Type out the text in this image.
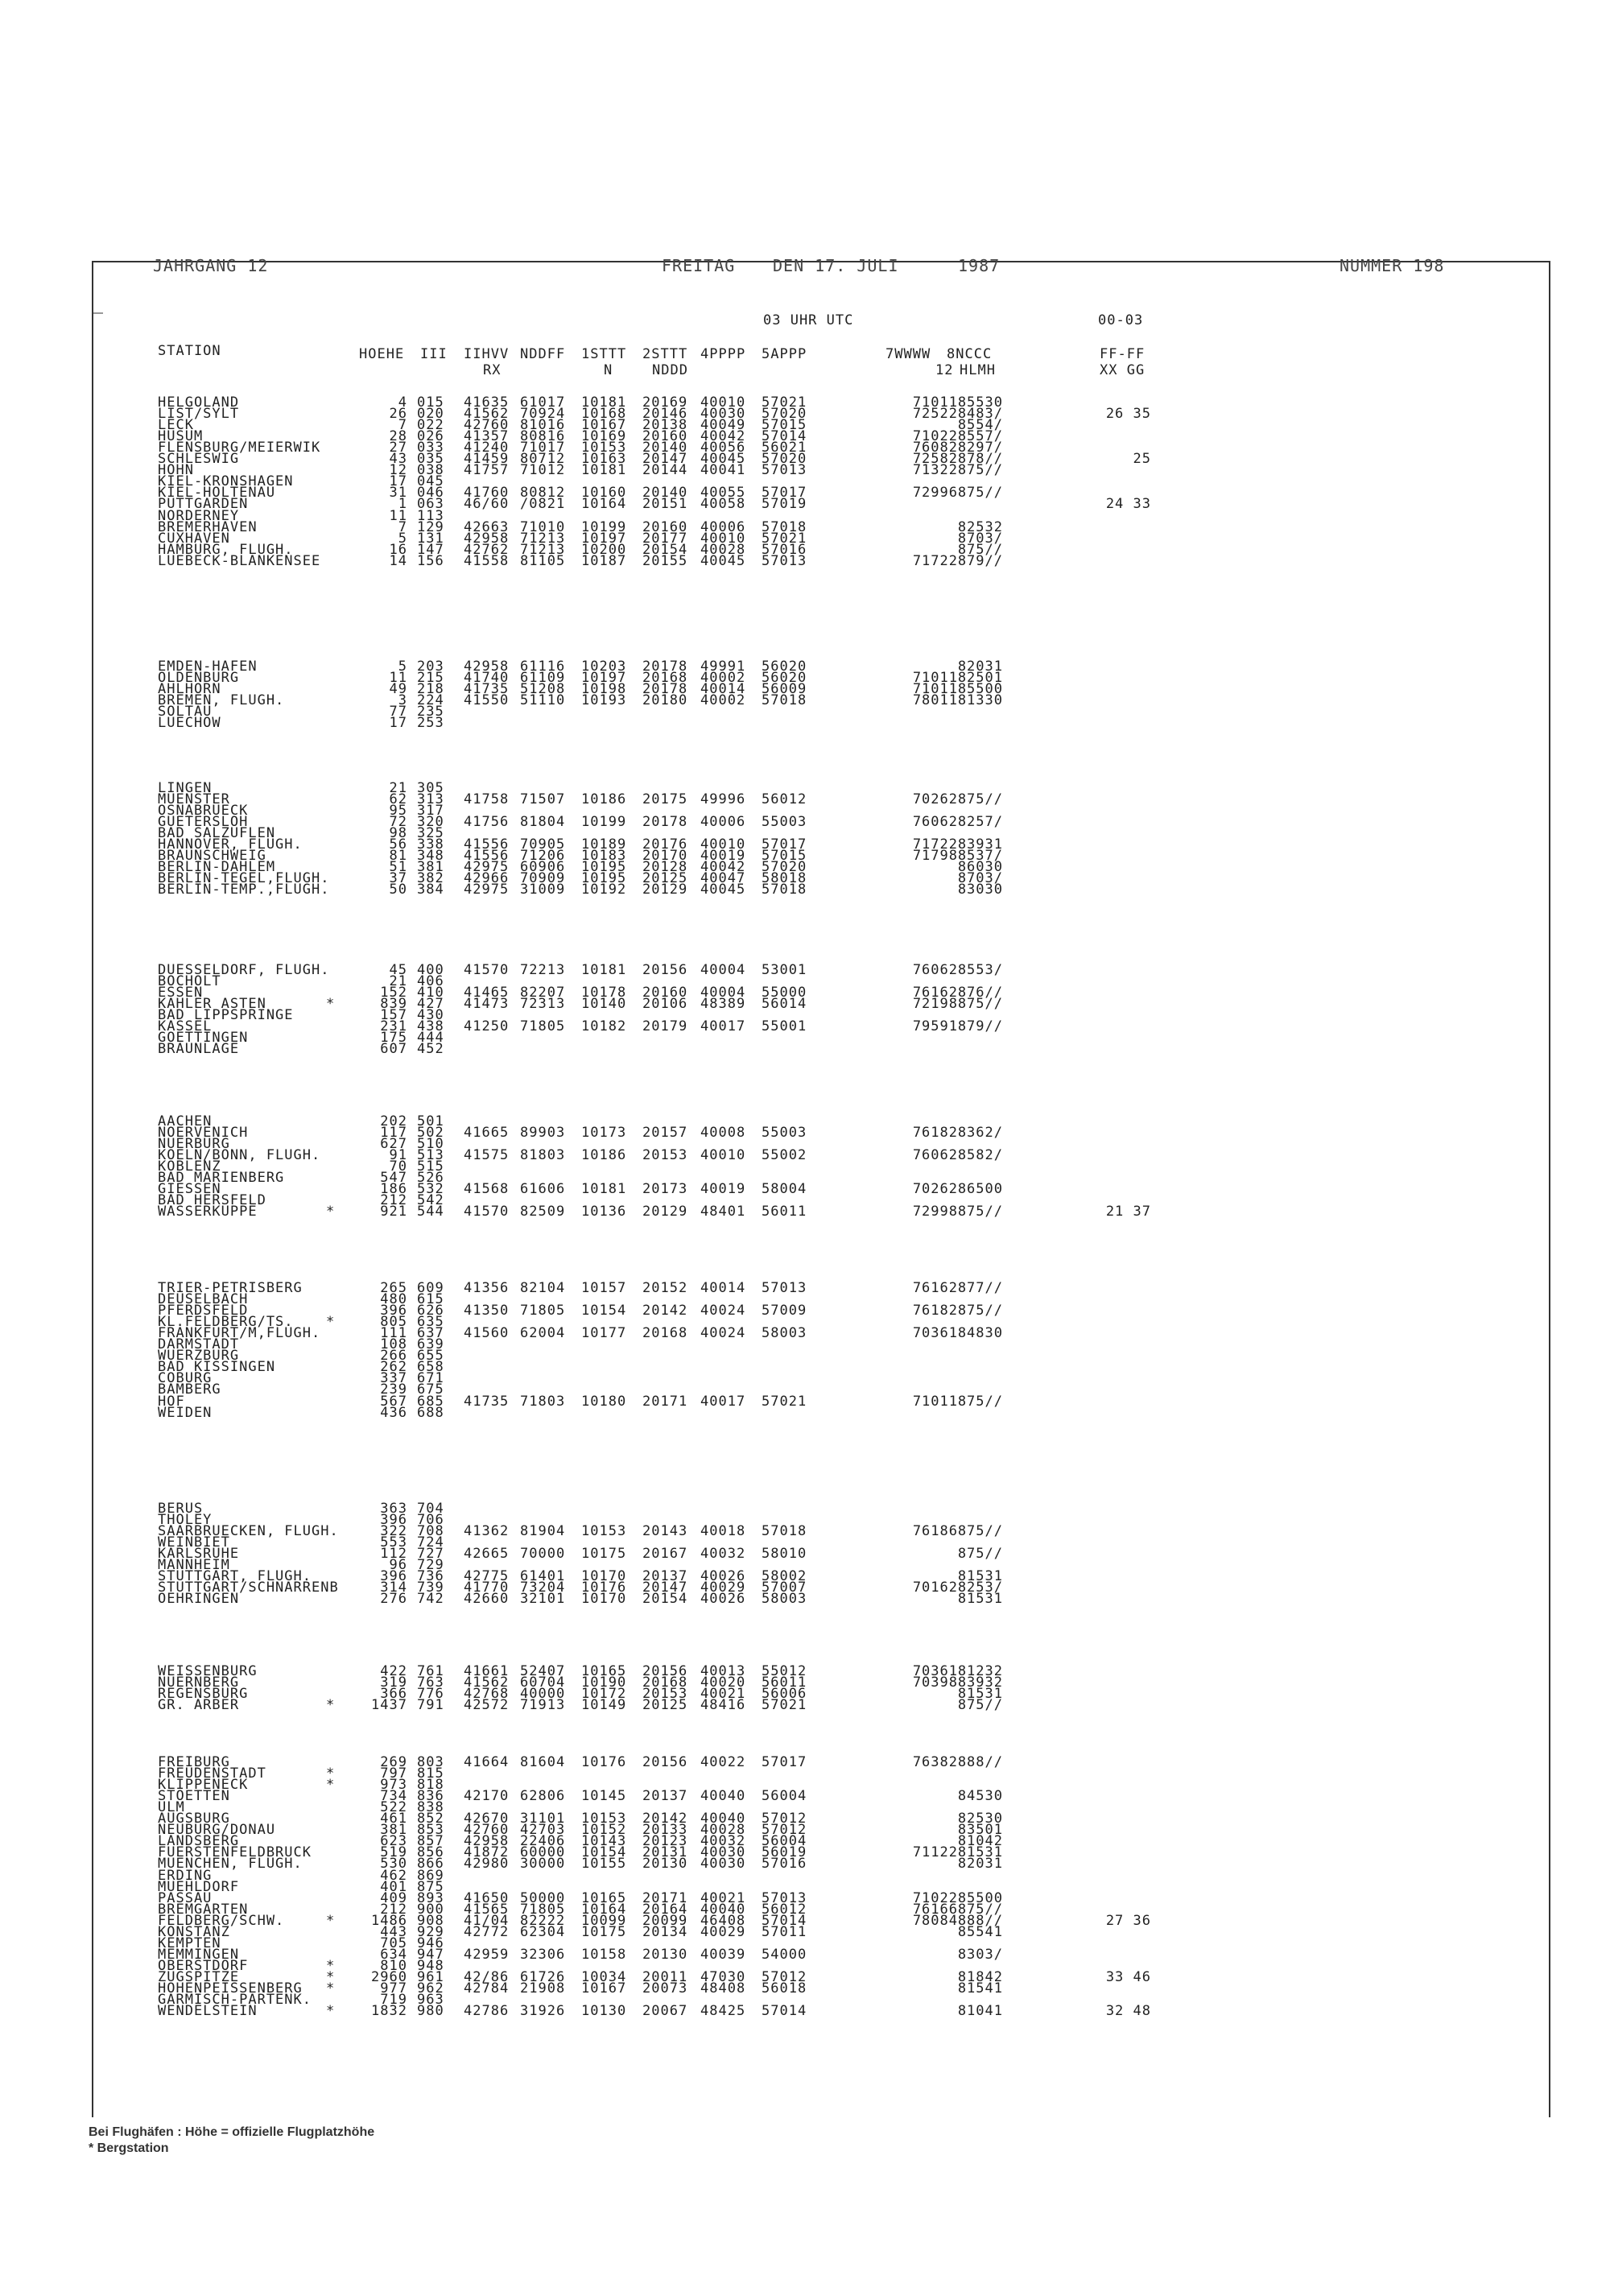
JAHRGANG 12	FREITAG DEN 17. JULI	1987	NUMMER 198
03 UHR UTC	00-03
STATION	HOEHE III IIHVV NDDFF 1STTT 2STTT 4PPPP 5APPP	7WWWW 8NCCC	FF-FF
RX	N	NDDD	12 HLMH	XX GG
HELGOLAND	4 015 41635 61017 10181 20169 40010 57021	71011 85530
LIST/SYLT	26 020 41562 70924 10168 20146 40030 57020	72522 8483/	26 35
LECK	7 022 42760 81016 10167 20138 40049 57015	8554/
HUSUM	28 026 41357 80816 10169 20160 40042 57014	71022 8557/
FLENSBURG/MEIERWIK	27 033 41240 71017 10153 20140 40056 56021	76082 8297/
SCHLESWIG	43 035 41459 80712 10163 20147 40045 57020	72582 878//	25
HOHN	12 038 41757 71012 10181 20144 40041 57013	71322 875//
KIEL-KRONSHAGEN	17 045
KIEL-HOLTENAU	31 046 41760 80812 10160 20140 40055 57017	72996 875//
PUTTGARDEN	1 063 46/60 /0821 10164 20151 40058 57019	24 33
NORDERNEY	11 113
BREMERHAVEN	7 129 42663 71010 10199 20160 40006 57018	82532
CUXHAVEN	5 131 42958 71213 10197 20177 40010 57021	8703/
HAMBURG, FLUGH.	16 147 42762 71213 10200 20154 40028 57016	875//
LUEBECK-BLANKENSEE	14 156 41558 81105 10187 20155 40045 57013	71722 879//
EMDEN-HAFEN	5 203 42958 61116 10203 20178 49991 56020	82031
OLDENBURG	11 215 41740 61109 10197 20168 40002 56020	71011 82501
AHLHORN	49 218 41735 51208 10198 20178 40014 56009	71011 85500
BREMEN, FLUGH.	3 224 41550 51110 10193 20180 40002 57018	78011 81330
SOLTAU	77 235
LUECHOW	17 253
LINGEN	21 305
MUENSTER	62 313 41758 71507 10186 20175 49996 56012	70262 875//
OSNABRUECK	95 317
GUETERSLOH	72 320 41756 81804 10199 20178 40006 55003	76062 8257/
BAD SALZUFLEN	98 325
HANNOVER, FLUGH.	56 338 41556 70905 10189 20176 40010 57017	71722 83931
BRAUNSCHWEIG	81 348 41556 71206 10183 20170 40019 57015	71798 8537/
BERLIN-DAHLEM	51 381 42975 60906 10195 20128 40042 57020	86030
BERLIN-TEGEL,FLUGH.	37 382 42966 70909 10195 20125 40047 58018	8703/
BERLIN-TEMP.,FLUGH.	50 384 42975 31009 10192 20129 40045 57018	83030
DUESSELDORF, FLUGH.	45 400 41570 72213 10181 20156 40004 53001	76062 8553/
BOCHOLT	21 406
ESSEN	152 410 41465 82207 10178 20160 40004 55000	76162 876//
KAHLER ASTEN	*	839 427 41473 72313 10140 20106 48389 56014	72198 875//
BAD LIPPSPRINGE	157 430
KASSEL	231 438 41250 71805 10182 20179 40017 55001	79591 879//
GOETTINGEN	175 444
BRAUNLAGE	607 452
AACHEN	202 501
NOERVENICH	117 502 41665 89903 10173 20157 40008 55003	76182 8362/
NUERBURG	627 510
KOELN/BONN, FLUGH.	91 513 41575 81803 10186 20153 40010 55002	76062 8582/
KOBLENZ	70 515
BAD MARIENBERG	547 526
GIESSEN	186 532 41568 61606 10181 20173 40019 58004	70262 86500
BAD HERSFELD	212 542
WASSERKUPPE	*	921 544 41570 82509 10136 20129 48401 56011	72998 875//	21 37
TRIER-PETRISBERG	265 609 41356 82104 10157 20152 40014 57013	76162 877//
DEUSELBACH	480 615
PFERDSFELD	396 626 41350 71805 10154 20142 40024 57009	76182 875//
KL.FELDBERG/TS. *	805 635
FRANKFURT/M,FLUGH.	111 637 41560 62004 10177 20168 40024 58003	70361 84830
DARMSTADT	108 639
WUERZBURG	266 655
BAD KISSINGEN	262 658
COBURG	337 671
BAMBERG	239 675
HOF	567 685 41735 71803 10180 20171 40017 57021	71011 875//
WEIDEN	436 688
BERUS	363 704
THOLEY	396 706
SAARBRUECKEN, FLUGH.	322 708 41362 81904 10153 20143 40018 57018	76186 875//
WEINBIET	553 724
KARLSRUHE	112 727 42665 70000 10175 20167 40032 58010	875//
MANNHEIM	96 729
STUTTGART, FLUGH.	396 736 42775 61401 10170 20137 40026 58002	81531
STUTTGART/SCHNARRENB	314 739 41770 73204 10176 20147 40029 57007	70162 8253/
OEHRINGEN	276 742 42660 32101 10170 20154 40026 58003	81531
WEISSENBURG	422 761 41661 52407 10165 20156 40013 55012	70361 81232
NUERNBERG	319 763 41562 60704 10190 20168 40020 56011	70398 83932
REGENSBURG	366 776 42768 40000 10172 20153 40021 56006	81531
GR. ARBER	*	1437 791 42572 71913 10149 20125 48416 57021	875//
FREIBURG	269 803 41664 81604 10176 20156 40022 57017	76382 888//
FREUDENSTADT	*	797 815
KLIPPENECK	*	973 818
STOETTEN	734 836 42170 62806 10145 20137 40040 56004	84530
ULM	522 838
AUGSBURG	461 852 42670 31101 10153 20142 40040 57012	82530
NEUBURG/DONAU	381 853 42760 42703 10152 20133 40028 57012	83501
LANDSBERG	623 857 42958 22406 10143 20123 40032 56004	81042
FUERSTENFELDBRUCK	519 856 41872 60000 10154 20131 40030 56019	71122 81531
MUENCHEN, FLUGH.	530 866 42980 30000 10155 20130 40030 57016	82031
ERDING	462 869
MUEHLDORF	401 875
PASSAU	409 893 41650 50000 10165 20171 40021 57013	71022 85500
BREMGARTEN	212 900 41565 71805 10164 20164 40040 56012	76166 875//
FELDBERG/SCHW.	*	1486 908 41/04 82222 10099 20099 46408 57014	78084 888//	27 36
KONSTANZ	443 929 42772 62304 10175 20134 40029 57011	85541
KEMPTEN	705 946
MEMMINGEN	634 947 42959 32306 10158 20130 40039 54000	8303/
OBERSTDORF	*	810 948
ZUGSPITZE	*	2960 961 42/86 61726 10034 20011 47030 57012	81842	33 46
HOHENPEISSENBERG *	977 962 42784 21908 10167 20073 48408 56018	81541
GARMISCH-PARTENK.	719 963
WENDELSTEIN	*	1832 980 42786 31926 10130 20067 48425 57014	81041	32 48
Bei Flughäfen : Höhe = offizielle Flugplatzhöhe
* Bergstation
